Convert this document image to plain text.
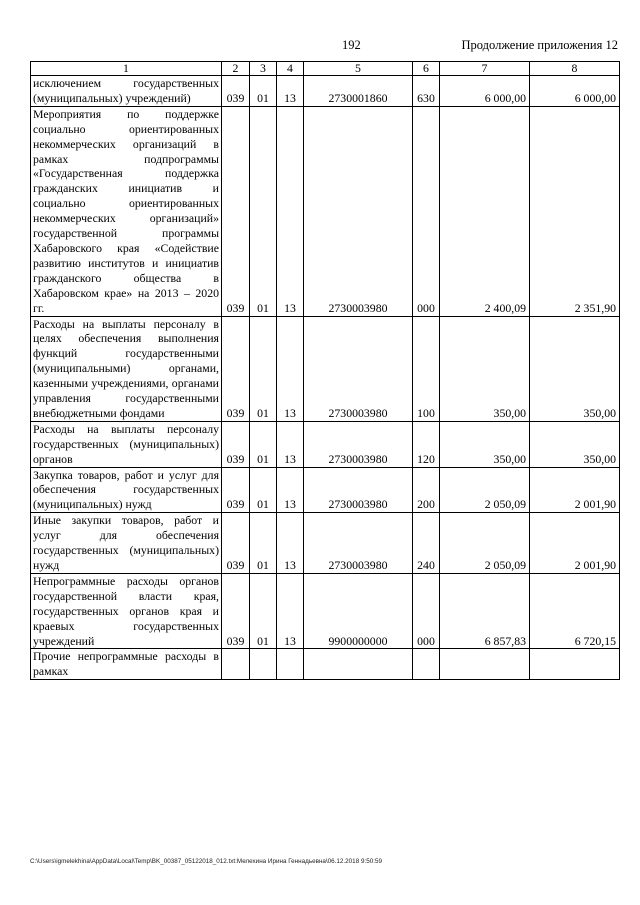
192	Продолжение приложения 12
1	2	3	4	5	6	7	8
исключением государственных (муниципальных) учреждений)	039	01	13	2730001860	630	6 000,00	6 000,00
Мероприятия по поддержке социально ориентированных некоммерческих организаций в рамках подпрограммы «Государственная поддержка гражданских инициатив и социально ориентированных некоммерческих организаций» государственной программы Хабаровского края «Содействие развитию институтов и инициатив гражданского общества в Хабаровском крае» на 2013 – 2020 гг.	039	01	13	2730003980	000	2 400,09	2 351,90
Расходы на выплаты персоналу в целях обеспечения выполнения функций государственными (муниципальными) органами, казенными учреждениями, органами управления государственными внебюджетными фондами	039	01	13	2730003980	100	350,00	350,00
Расходы на выплаты персоналу государственных (муниципальных) органов	039	01	13	2730003980	120	350,00	350,00
Закупка товаров, работ и услуг для обеспечения государственных (муниципальных) нужд	039	01	13	2730003980	200	2 050,09	2 001,90
Иные закупки товаров, работ и услуг для обеспечения государственных (муниципальных) нужд	039	01	13	2730003980	240	2 050,09	2 001,90
Непрограммные расходы органов государственной власти края, государственных органов края и краевых государственных учреждений	039	01	13	9900000000	000	6 857,83	6 720,15
Прочие непрограммные расходы в рамках							
C:\Users\igmelekhina\AppData\Local\Temp\BK_00387_05122018_012.txt:Мелехина Ирина Геннадьевна\06.12.2018 9:50:59
